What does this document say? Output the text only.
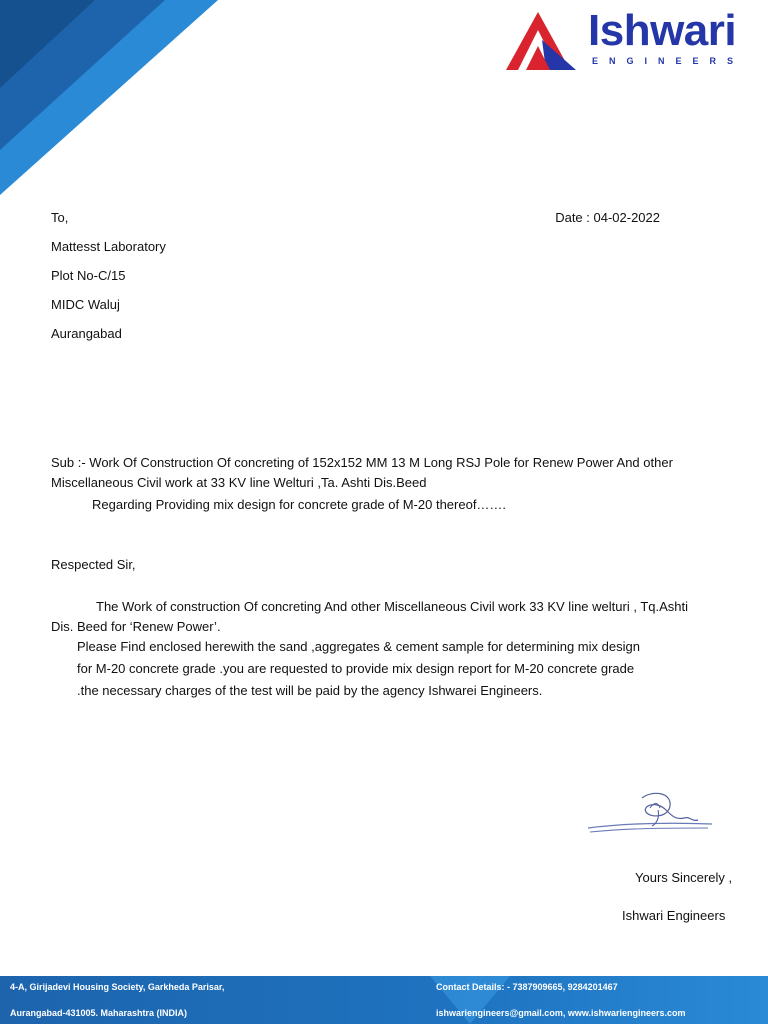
Ishwari
ENGINEERS
To,	Date : 04-02-2022
Mattesst Laboratory
Plot No-C/15
MIDC Waluj
Aurangabad
Sub :- Work Of Construction Of concreting of 152x152 MM 13 M Long RSJ Pole for Renew Power And other
Miscellaneous Civil work at 33 KV line Welturi ,Ta. Ashti Dis.Beed
Regarding Providing mix design for concrete grade of M-20 thereof…….
Respected Sir,
The Work of construction Of concreting And other Miscellaneous Civil work 33 KV line welturi , Tq.Ashti
Dis. Beed for ‘Renew Power’.
Please Find enclosed herewith the sand ,aggregates & cement sample for determining mix design
for M-20 concrete grade .you are requested to provide mix design report for M-20 concrete grade
.the necessary charges of the test will be paid by the agency Ishwarei Engineers.
Yours Sincerely ,
Ishwari Engineers
4-A, Girijadevi Housing Society, Garkheda Parisar,
Aurangabad-431005. Maharashtra (INDIA)
Contact Details: - 7387909665, 9284201467
ishwariengineers@gmail.com, www.ishwariengineers.com
